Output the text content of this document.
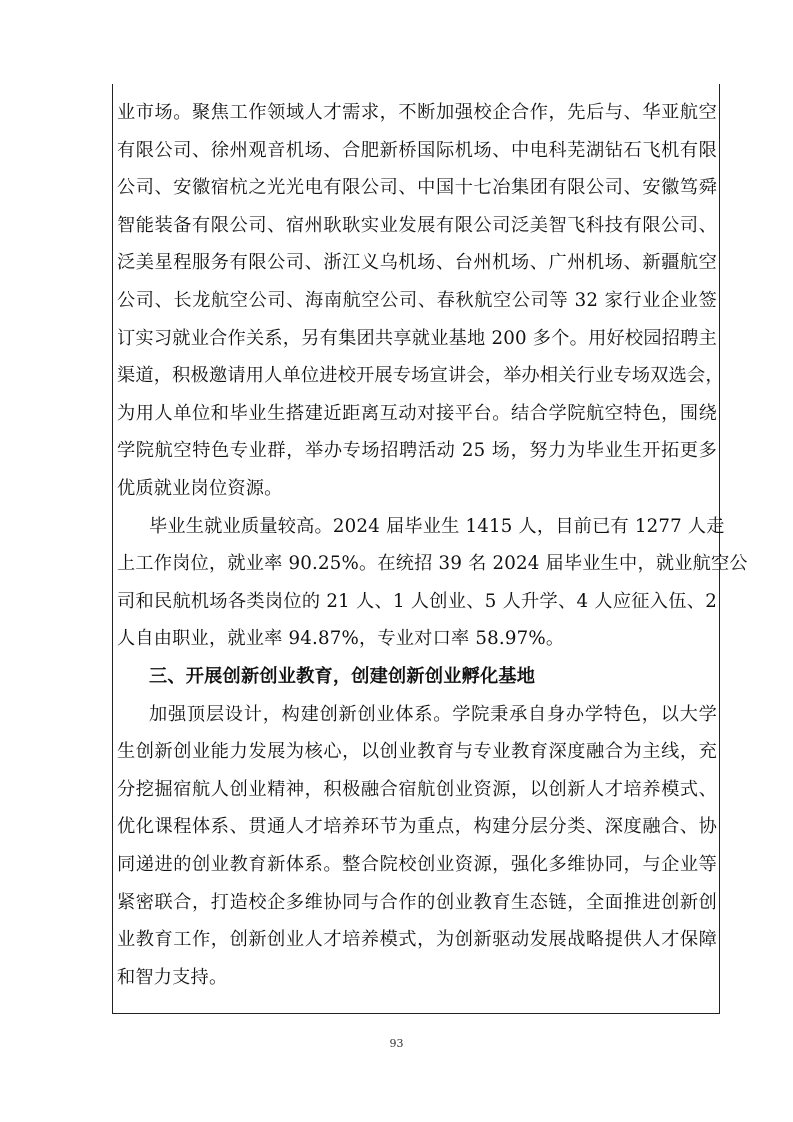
93
业市场。聚焦工作领域人才需求，不断加强校企合作，先后与、华亚航空
有限公司、徐州观音机场、合肥新桥国际机场、中电科芜湖钻石飞机有限
公司、安徽宿杭之光光电有限公司、中国十七冶集团有限公司、安徽笃舜
智能装备有限公司、宿州耿耿实业发展有限公司泛美智飞科技有限公司、
泛美星程服务有限公司、浙江义乌机场、台州机场、广州机场、新疆航空
公司、长龙航空公司、海南航空公司、春秋航空公司等 32 家行业企业签
订实习就业合作关系，另有集团共享就业基地 200 多个。用好校园招聘主
渠道，积极邀请用人单位进校开展专场宣讲会，举办相关行业专场双选会，
为用人单位和毕业生搭建近距离互动对接平台。结合学院航空特色，围绕
学院航空特色专业群，举办专场招聘活动 25 场，努力为毕业生开拓更多
优质就业岗位资源。
毕业生就业质量较高。2024 届毕业生 1415 人，目前已有 1277 人走
上工作岗位，就业率 90.25%。在统招 39 名 2024 届毕业生中，就业航空公
司和民航机场各类岗位的 21 人、1 人创业、5 人升学、4 人应征入伍、2
人自由职业，就业率 94.87%，专业对口率 58.97%。
三、开展创新创业教育，创建创新创业孵化基地
加强顶层设计，构建创新创业体系。学院秉承自身办学特色，以大学
生创新创业能力发展为核心，以创业教育与专业教育深度融合为主线，充
分挖掘宿航人创业精神，积极融合宿航创业资源，以创新人才培养模式、
优化课程体系、贯通人才培养环节为重点，构建分层分类、深度融合、协
同递进的创业教育新体系。整合院校创业资源，强化多维协同，与企业等
紧密联合，打造校企多维协同与合作的创业教育生态链，全面推进创新创
业教育工作，创新创业人才培养模式，为创新驱动发展战略提供人才保障
和智力支持。
